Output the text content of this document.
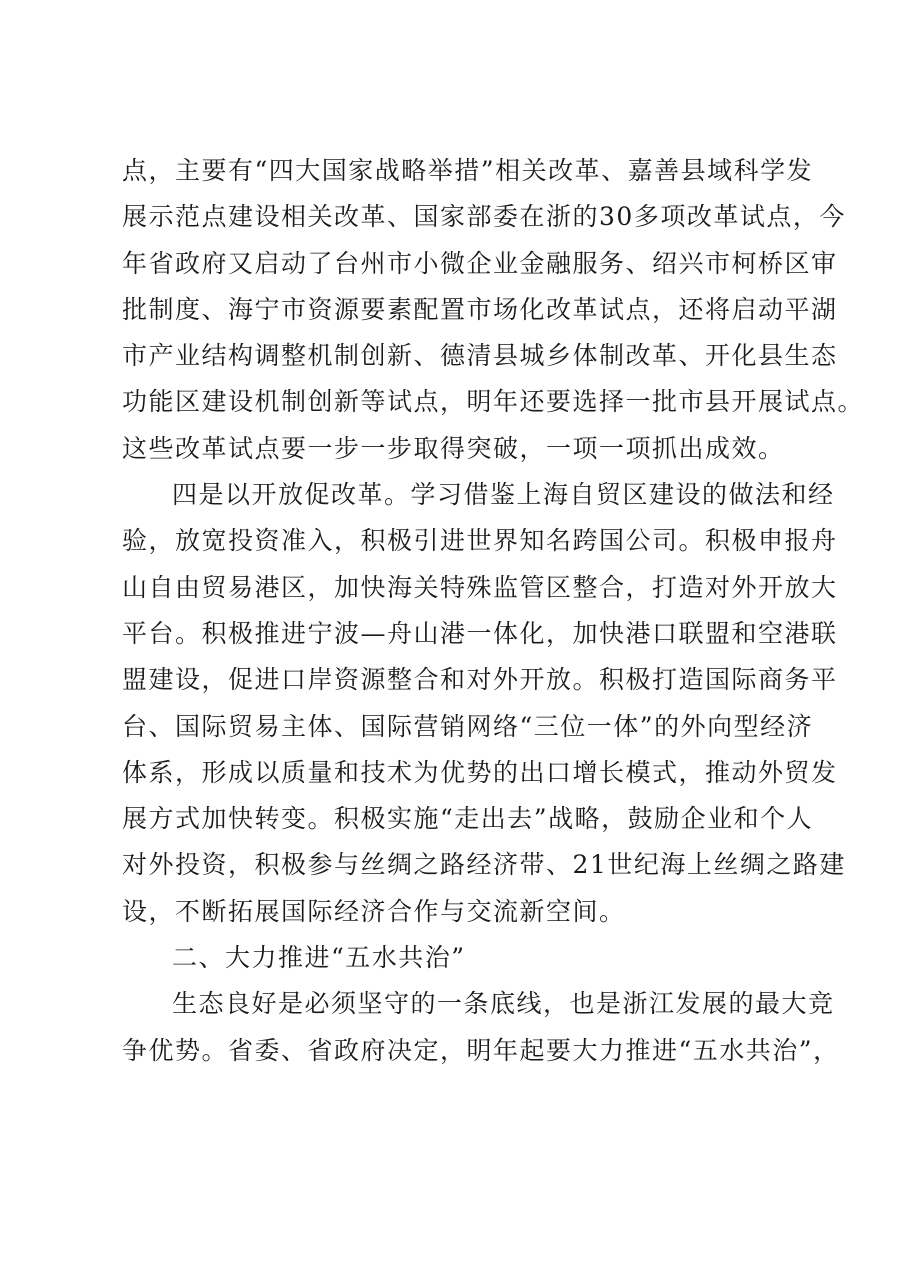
点，主要有“四大国家战略举措”相关改革、嘉善县域科学发
展示范点建设相关改革、国家部委在浙的30多项改革试点，今
年省政府又启动了台州市小微企业金融服务、绍兴市柯桥区审
批制度、海宁市资源要素配置市场化改革试点，还将启动平湖
市产业结构调整机制创新、德清县城乡体制改革、开化县生态
功能区建设机制创新等试点，明年还要选择一批市县开展试点。
这些改革试点要一步一步取得突破，一项一项抓出成效。
四是以开放促改革。学习借鉴上海自贸区建设的做法和经
验，放宽投资准入，积极引进世界知名跨国公司。积极申报舟
山自由贸易港区，加快海关特殊监管区整合，打造对外开放大
平台。积极推进宁波—舟山港一体化，加快港口联盟和空港联
盟建设，促进口岸资源整合和对外开放。积极打造国际商务平
台、国际贸易主体、国际营销网络“三位一体”的外向型经济
体系，形成以质量和技术为优势的出口增长模式，推动外贸发
展方式加快转变。积极实施“走出去”战略，鼓励企业和个人
对外投资，积极参与丝绸之路经济带、21世纪海上丝绸之路建
设，不断拓展国际经济合作与交流新空间。
二、大力推进“五水共治”
生态良好是必须坚守的一条底线，也是浙江发展的最大竞
争优势。省委、省政府决定，明年起要大力推进“五水共治”，
